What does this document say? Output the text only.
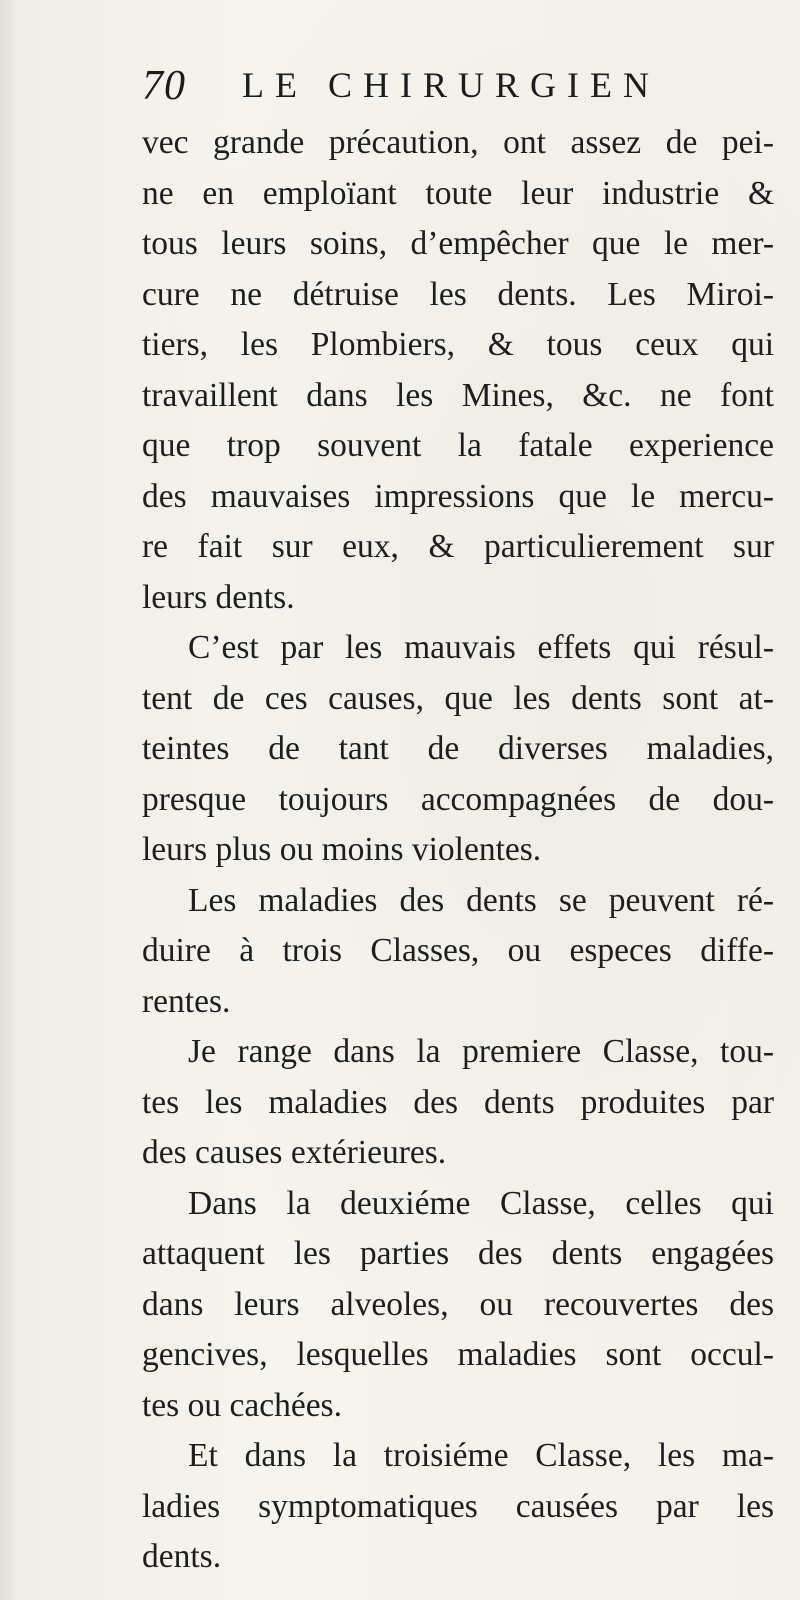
70 LE CHIRURGIEN
vec grande précaution, ont assez de pei-
ne en emploïant toute leur industrie &
tous leurs soins, d’empêcher que le mer-
cure ne détruise les dents. Les Miroi-
tiers, les Plombiers, & tous ceux qui
travaillent dans les Mines, &c. ne font
que trop souvent la fatale experience
des mauvaises impressions que le mercu-
re fait sur eux, & particulierement sur
leurs dents.
C’est par les mauvais effets qui résul-
tent de ces causes, que les dents sont at-
teintes de tant de diverses maladies,
presque toujours accompagnées de dou-
leurs plus ou moins violentes.
Les maladies des dents se peuvent ré-
duire à trois Classes, ou especes diffe-
rentes.
Je range dans la premiere Classe, tou-
tes les maladies des dents produites par
des causes extérieures.
Dans la deuxiéme Classe, celles qui
attaquent les parties des dents engagées
dans leurs alveoles, ou recouvertes des
gencives, lesquelles maladies sont occul-
tes ou cachées.
Et dans la troisiéme Classe, les ma-
ladies symptomatiques causées par les
dents.
